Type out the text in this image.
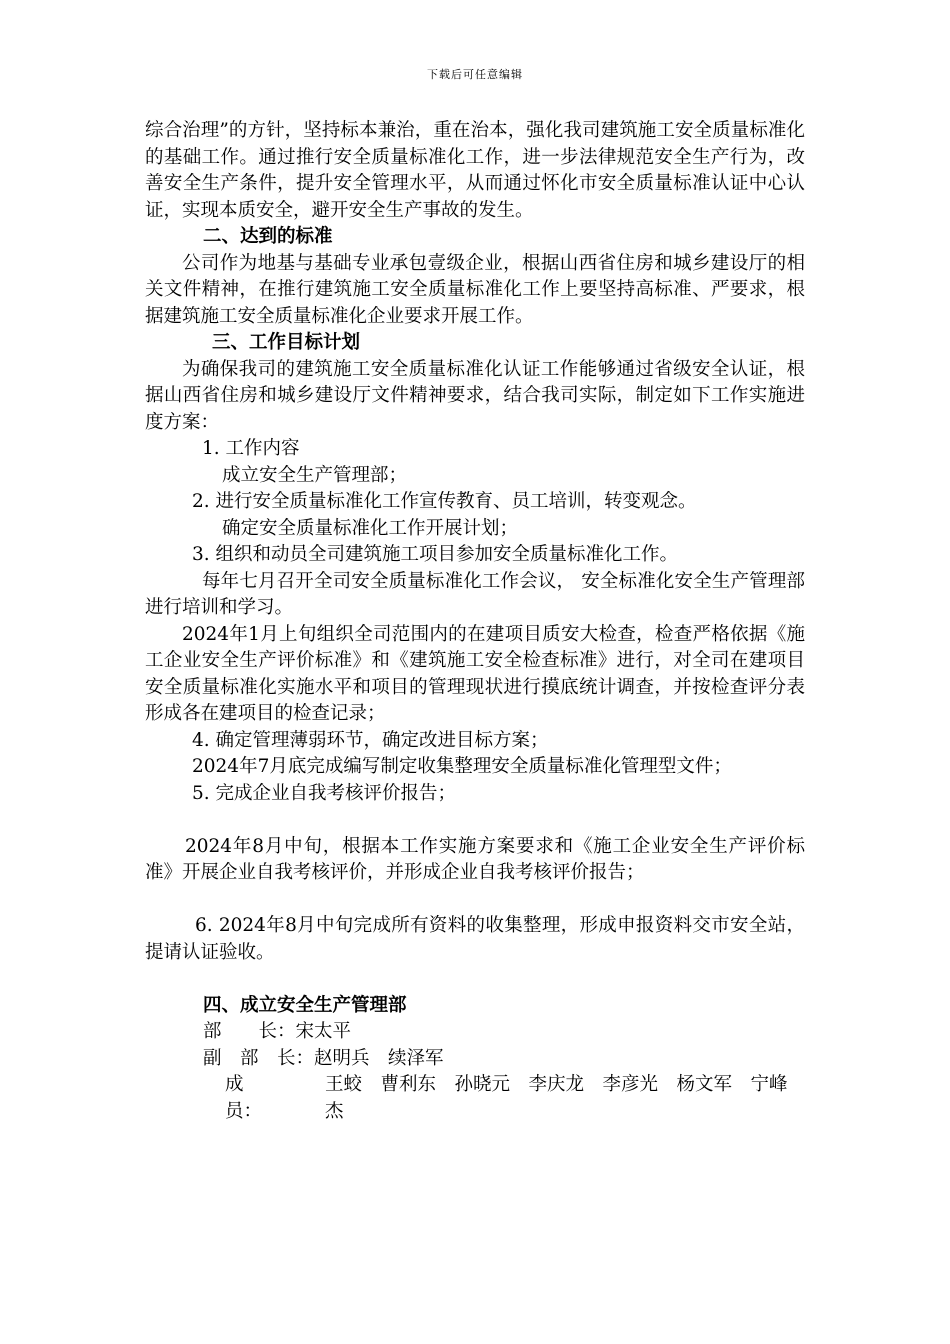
下载后可任意编辑

综合治理”的方针，坚持标本兼治，重在治本，强化我司建筑施工安全质量标准化的基础工作。通过推行安全质量标准化工作，进一步法律规范安全生产行为，改善安全生产条件，提升安全管理水平，从而通过怀化市安全质量标准认证中心认证，实现本质安全，避开安全生产事故的发生。

二、达到的标准

公司作为地基与基础专业承包壹级企业，根据山西省住房和城乡建设厅的相关文件精神，在推行建筑施工安全质量标准化工作上要坚持高标准、严要求，根据建筑施工安全质量标准化企业要求开展工作。

三、工作目标计划

为确保我司的建筑施工安全质量标准化认证工作能够通过省级安全认证，根据山西省住房和城乡建设厅文件精神要求，结合我司实际，制定如下工作实施进度方案：

1. 工作内容

成立安全生产管理部；

2. 进行安全质量标准化工作宣传教育、员工培训，转变观念。

确定安全质量标准化工作开展计划；

3. 组织和动员全司建筑施工项目参加安全质量标准化工作。

每年七月召开全司安全质量标准化工作会议， 安全标准化安全生产管理部进行培训和学习。

2024年1月上旬组织全司范围内的在建项目质安大检查，检查严格依据《施工企业安全生产评价标准》和《建筑施工安全检查标准》进行，对全司在建项目安全质量标准化实施水平和项目的管理现状进行摸底统计调查，并按检查评分表形成各在建项目的检查记录；

4. 确定管理薄弱环节，确定改进目标方案；

2024年7月底完成编写制定收集整理安全质量标准化管理型文件；

5. 完成企业自我考核评价报告；

2024年8月中旬，根据本工作实施方案要求和《施工企业安全生产评价标准》开展企业自我考核评价，并形成企业自我考核评价报告；

6. 2024年8月中旬完成所有资料的收集整理，形成申报资料交市安全站，提请认证验收。

四、成立安全生产管理部

部　　长：宋太平

副　部　长：赵明兵　续泽军

成　　　员：王蛟　曹利东　孙晓元　李庆龙　李彦光　杨文军　宁峰杰
